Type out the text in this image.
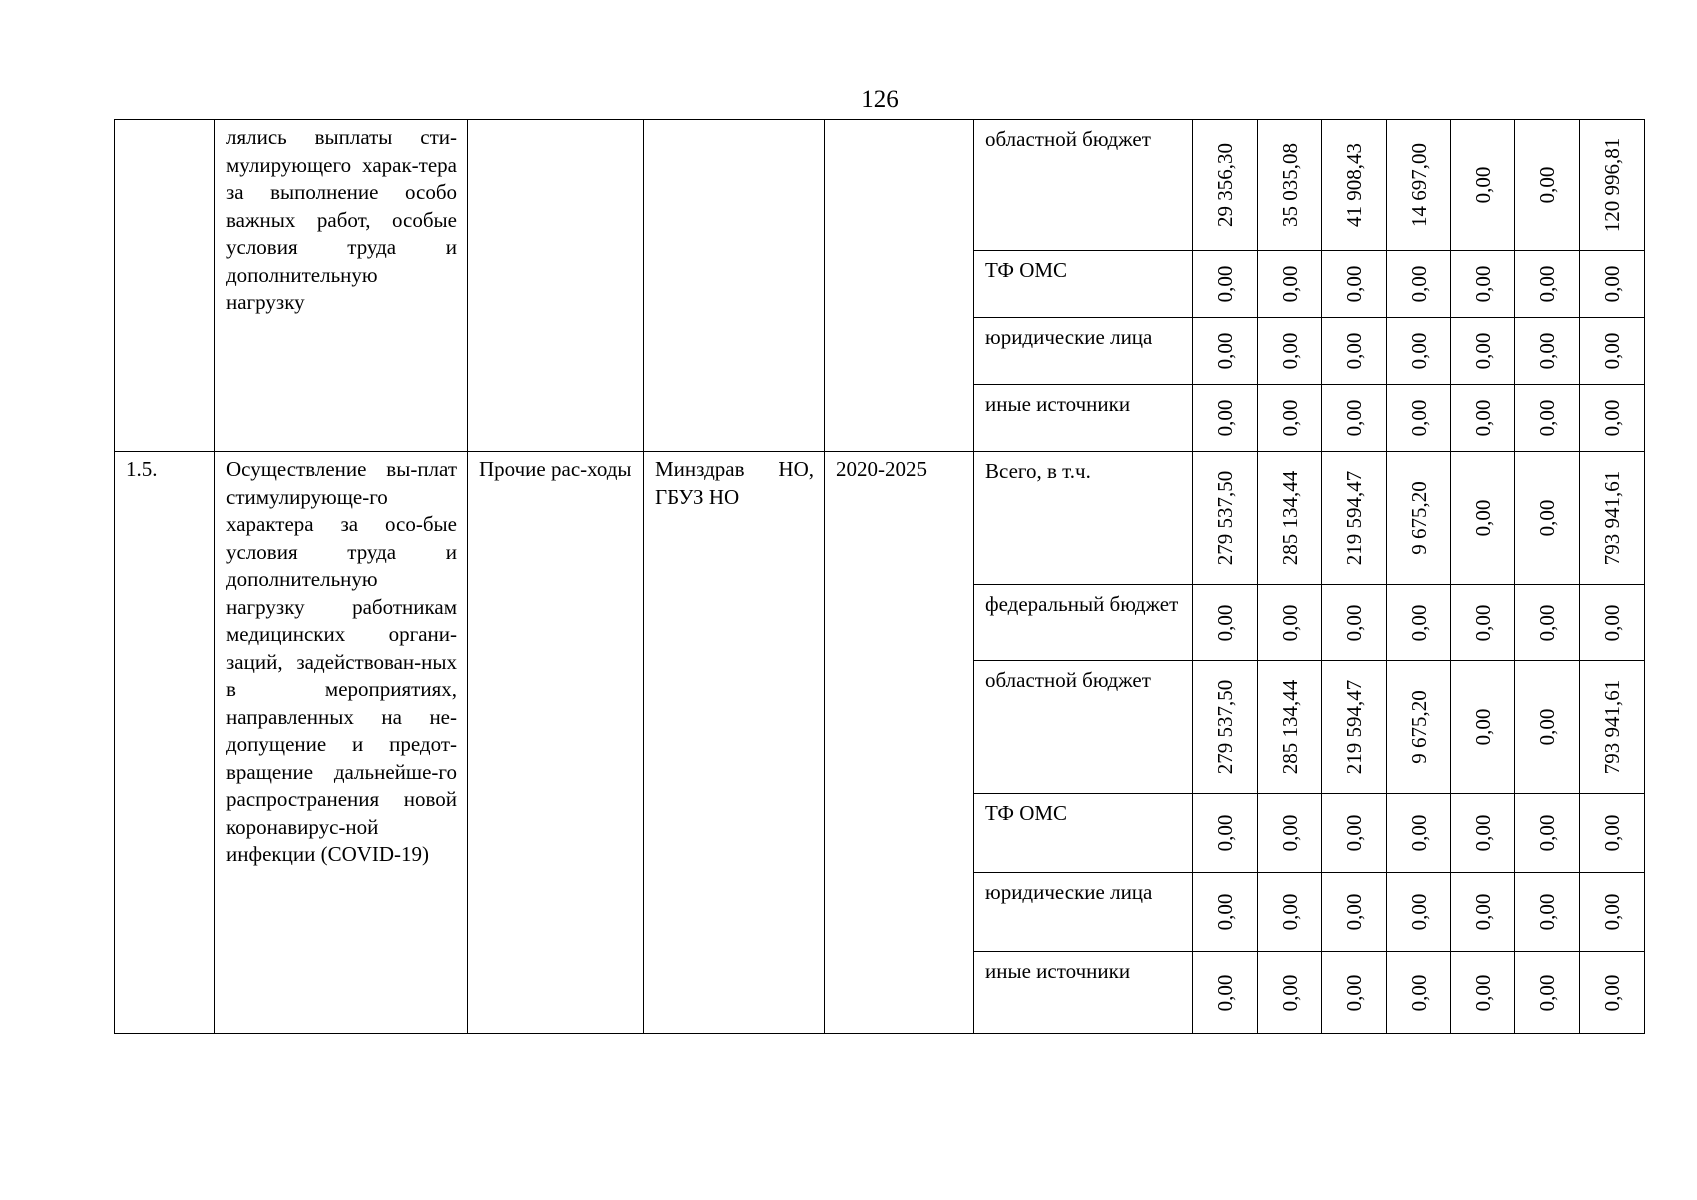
126

	лялись выплаты сти-мулирующего харак-тера за выполнение особо важных работ, особые условия труда и дополнительную нагрузку				областной бюджет	29 356,30	35 035,08	41 908,43	14 697,00	0,00	0,00	120 996,81

					ТФ ОМС	0,00	0,00	0,00	0,00	0,00	0,00	0,00

					юридические лица	0,00	0,00	0,00	0,00	0,00	0,00	0,00

					иные источники	0,00	0,00	0,00	0,00	0,00	0,00	0,00

1.5.	Осуществление вы-плат стимулирующе-го характера за осо-бые условия труда и дополнительную нагрузку работникам медицинских органи-заций, задействован-ных в мероприятиях, направленных на не-допущение и предот-вращение дальнейше-го распространения новой коронавирус-ной инфекции (COVID-19)	Прочие рас-ходы	Минздрав НО, ГБУЗ НО	2020-2025	Всего, в т.ч.	279 537,50	285 134,44	219 594,47	9 675,20	0,00	0,00	793 941,61

					федеральный бюджет	0,00	0,00	0,00	0,00	0,00	0,00	0,00

					областной бюджет	279 537,50	285 134,44	219 594,47	9 675,20	0,00	0,00	793 941,61

					ТФ ОМС	0,00	0,00	0,00	0,00	0,00	0,00	0,00

					юридические лица	0,00	0,00	0,00	0,00	0,00	0,00	0,00

					иные источники	0,00	0,00	0,00	0,00	0,00	0,00	0,00
